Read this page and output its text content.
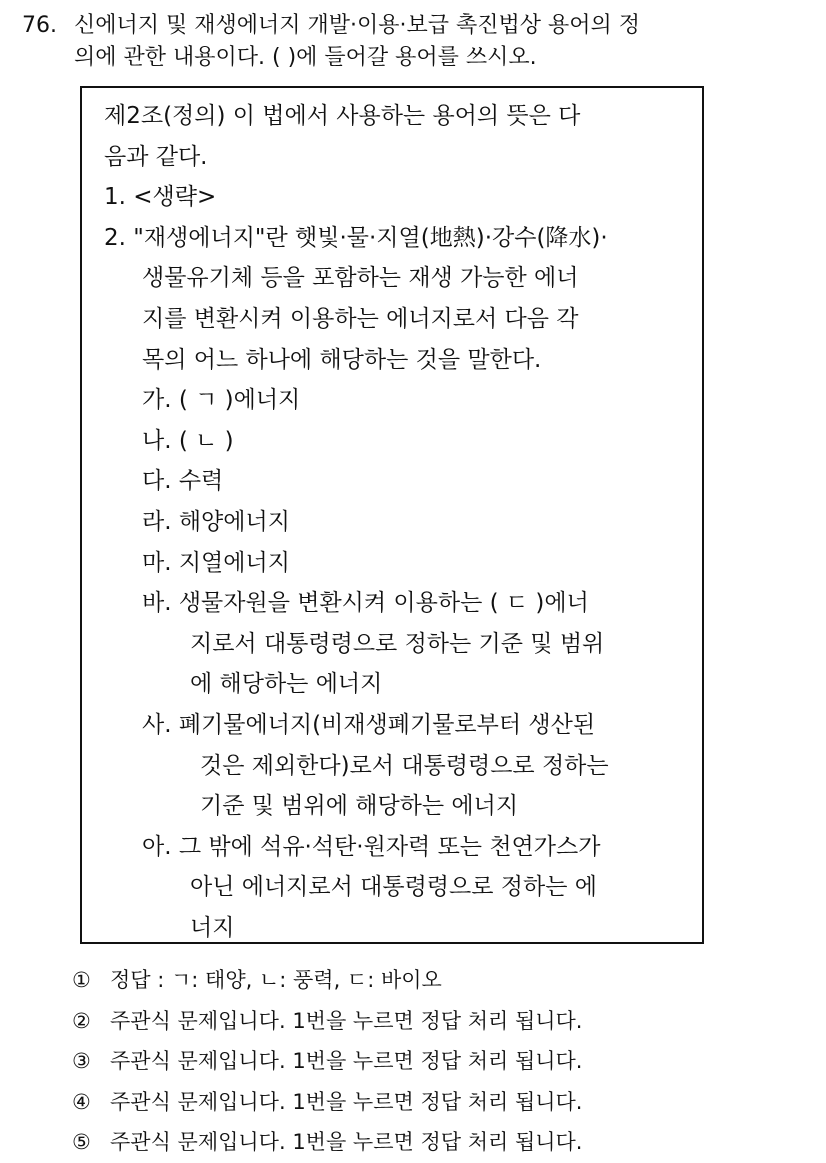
76. 신에너지 및 재생에너지 개발·이용·보급 촉진법상 용어의 정
의에 관한 내용이다. ( )에 들어갈 용어를 쓰시오.
제2조(정의) 이 법에서 사용하는 용어의 뜻은 다
음과 같다.
1. <생략>
2. "재생에너지"란 햇빛·물·지열(地熱)·강수(降水)·
생물유기체 등을 포함하는 재생 가능한 에너
지를 변환시켜 이용하는 에너지로서 다음 각
목의 어느 하나에 해당하는 것을 말한다.
가. ( ㄱ )에너지
나. ( ㄴ )
다. 수력
라. 해양에너지
마. 지열에너지
바. 생물자원을 변환시켜 이용하는 ( ㄷ )에너
지로서 대통령령으로 정하는 기준 및 범위
에 해당하는 에너지
사. 폐기물에너지(비재생폐기물로부터 생산된
것은 제외한다)로서 대통령령으로 정하는
기준 및 범위에 해당하는 에너지
아. 그 밖에 석유·석탄·원자력 또는 천연가스가
아닌 에너지로서 대통령령으로 정하는 에
너지
① 정답 : ㄱ: 태양, ㄴ: 풍력, ㄷ: 바이오
② 주관식 문제입니다. 1번을 누르면 정답 처리 됩니다.
③ 주관식 문제입니다. 1번을 누르면 정답 처리 됩니다.
④ 주관식 문제입니다. 1번을 누르면 정답 처리 됩니다.
⑤ 주관식 문제입니다. 1번을 누르면 정답 처리 됩니다.
